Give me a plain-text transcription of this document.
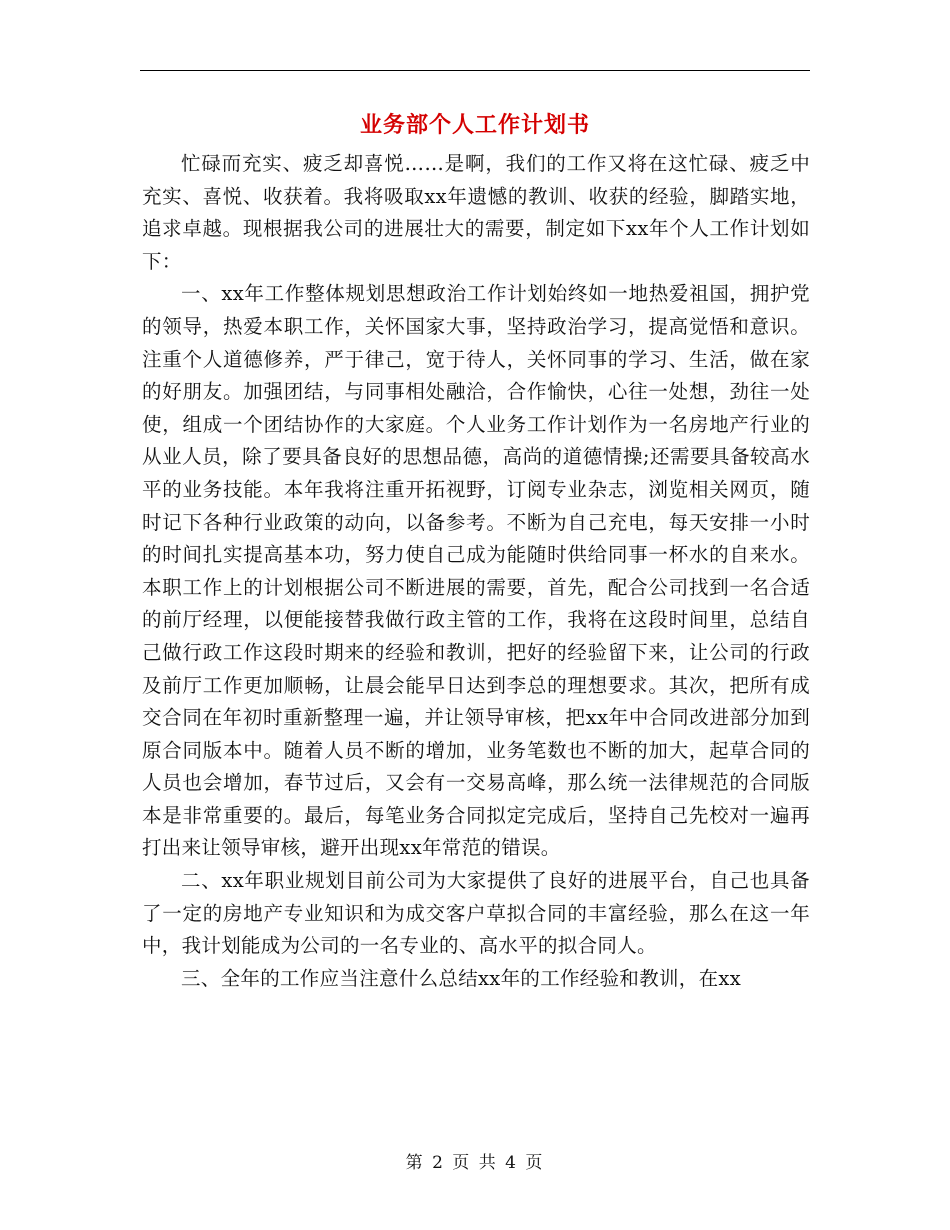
业务部个人工作计划书

忙碌而充实、疲乏却喜悦……是啊，我们的工作又将在这忙碌、疲乏中充实、喜悦、收获着。我将吸取xx年遗憾的教训、收获的经验，脚踏实地，追求卓越。现根据我公司的进展壮大的需要，制定如下xx年个人工作计划如下：

一、xx年工作整体规划思想政治工作计划始终如一地热爱祖国，拥护党的领导，热爱本职工作，关怀国家大事，坚持政治学习，提高觉悟和意识。注重个人道德修养，严于律己，宽于待人，关怀同事的学习、生活，做在家的好朋友。加强团结，与同事相处融洽，合作愉快，心往一处想，劲往一处使，组成一个团结协作的大家庭。个人业务工作计划作为一名房地产行业的从业人员，除了要具备良好的思想品德，高尚的道德情操;还需要具备较高水平的业务技能。本年我将注重开拓视野，订阅专业杂志，浏览相关网页，随时记下各种行业政策的动向，以备参考。不断为自己充电，每天安排一小时的时间扎实提高基本功，努力使自己成为能随时供给同事一杯水的自来水。本职工作上的计划根据公司不断进展的需要，首先，配合公司找到一名合适的前厅经理，以便能接替我做行政主管的工作，我将在这段时间里，总结自己做行政工作这段时期来的经验和教训，把好的经验留下来，让公司的行政及前厅工作更加顺畅，让晨会能早日达到李总的理想要求。其次，把所有成交合同在年初时重新整理一遍，并让领导审核，把xx年中合同改进部分加到原合同版本中。随着人员不断的增加，业务笔数也不断的加大，起草合同的人员也会增加，春节过后，又会有一交易高峰，那么统一法律规范的合同版本是非常重要的。最后，每笔业务合同拟定完成后，坚持自己先校对一遍再打出来让领导审核，避开出现xx年常范的错误。

二、xx年职业规划目前公司为大家提供了良好的进展平台，自己也具备了一定的房地产专业知识和为成交客户草拟合同的丰富经验，那么在这一年中，我计划能成为公司的一名专业的、高水平的拟合同人。

三、全年的工作应当注意什么总结xx年的工作经验和教训，在xx

第 2 页 共 4 页
